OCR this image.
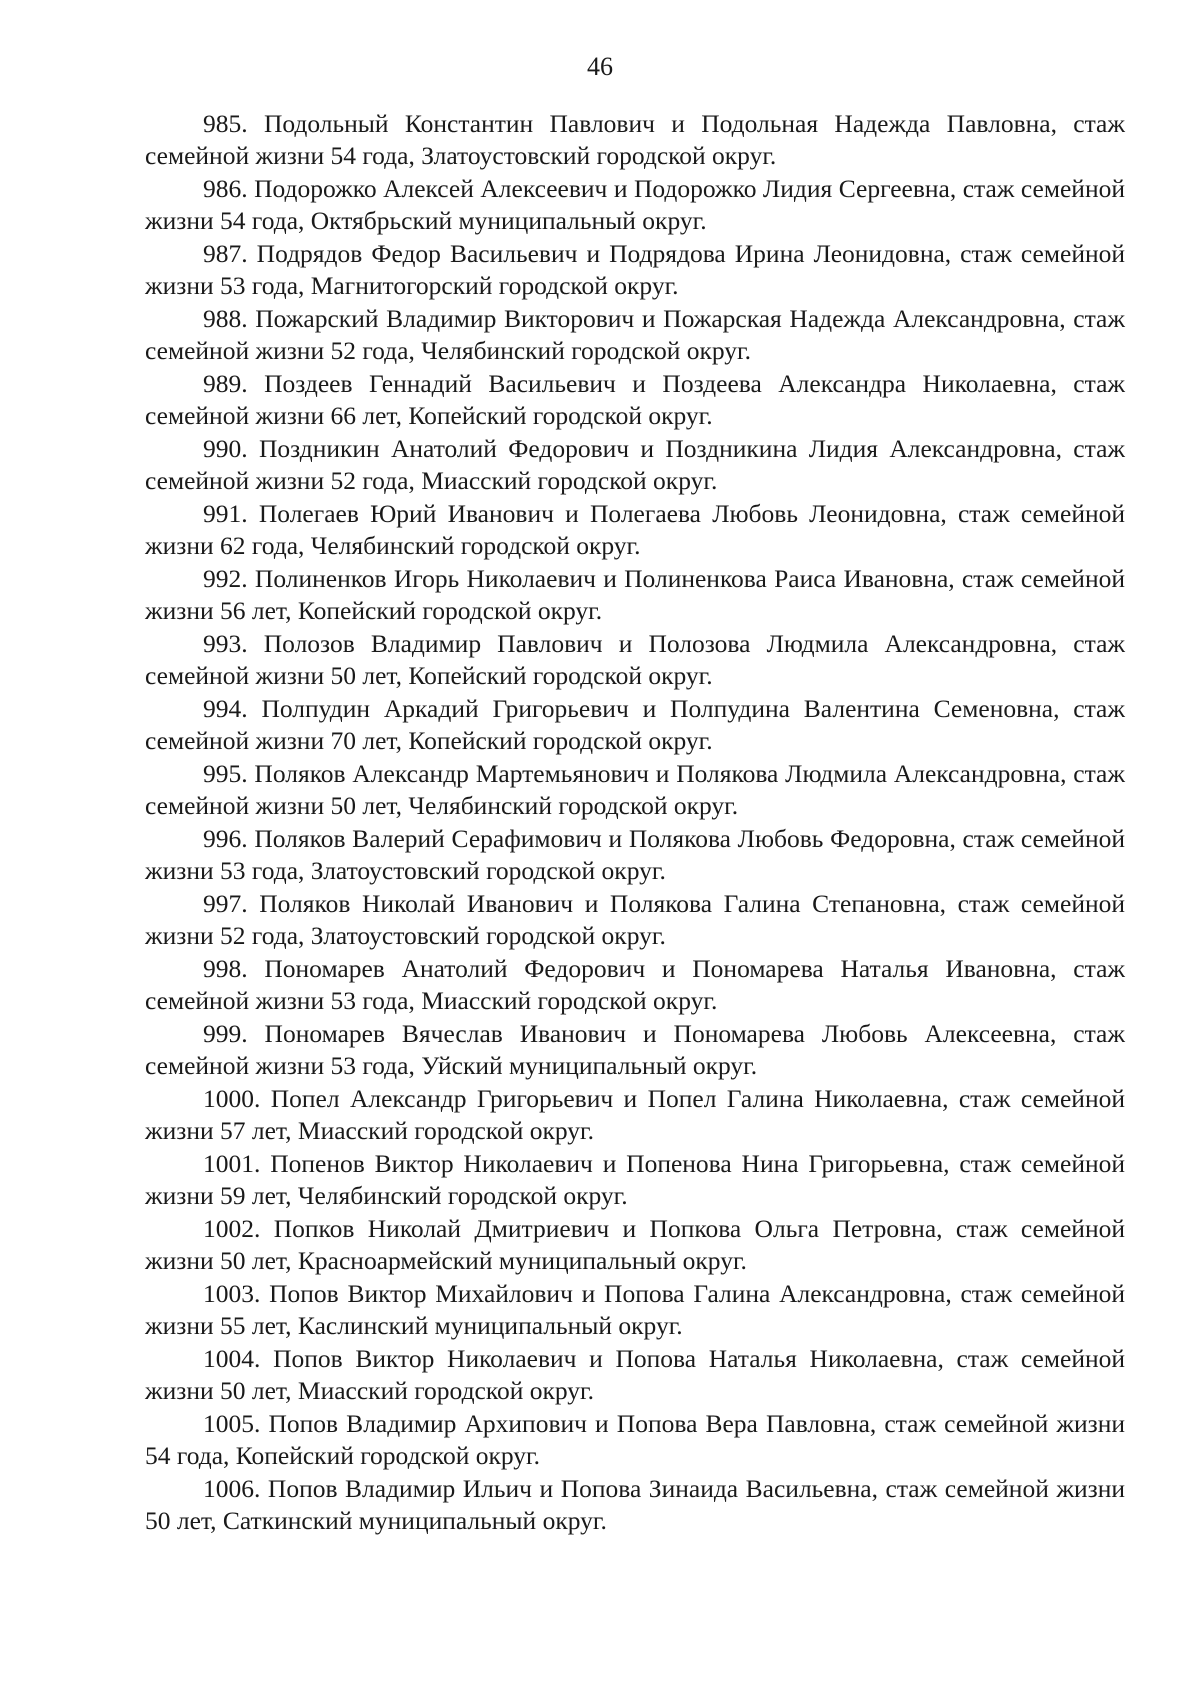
46
985. Подольный Константин Павлович и Подольная Надежда Павловна, стаж семейной жизни 54 года, Златоустовский городской округ.
986. Подорожко Алексей Алексеевич и Подорожко Лидия Сергеевна, стаж семейной жизни 54 года, Октябрьский муниципальный округ.
987. Подрядов Федор Васильевич и Подрядова Ирина Леонидовна, стаж семейной жизни 53 года, Магнитогорский городской округ.
988. Пожарский Владимир Викторович и Пожарская Надежда Александровна, стаж семейной жизни 52 года, Челябинский городской округ.
989. Поздеев Геннадий Васильевич и Поздеева Александра Николаевна, стаж семейной жизни 66 лет, Копейский городской округ.
990. Поздникин Анатолий Федорович и Поздникина Лидия Александровна, стаж семейной жизни 52 года, Миасский городской округ.
991. Полегаев Юрий Иванович и Полегаева Любовь Леонидовна, стаж семейной жизни 62 года, Челябинский городской округ.
992. Полиненков Игорь Николаевич и Полиненкова Раиса Ивановна, стаж семейной жизни 56 лет, Копейский городской округ.
993. Полозов Владимир Павлович и Полозова Людмила Александровна, стаж семейной жизни 50 лет, Копейский городской округ.
994. Полпудин Аркадий Григорьевич и Полпудина Валентина Семеновна, стаж семейной жизни 70 лет, Копейский городской округ.
995. Поляков Александр Мартемьянович и Полякова Людмила Александровна, стаж семейной жизни 50 лет, Челябинский городской округ.
996. Поляков Валерий Серафимович и Полякова Любовь Федоровна, стаж семейной жизни 53 года, Златоустовский городской округ.
997. Поляков Николай Иванович и Полякова Галина Степановна, стаж семейной жизни 52 года, Златоустовский городской округ.
998. Пономарев Анатолий Федорович и Пономарева Наталья Ивановна, стаж семейной жизни 53 года, Миасский городской округ.
999. Пономарев Вячеслав Иванович и Пономарева Любовь Алексеевна, стаж семейной жизни 53 года, Уйский муниципальный округ.
1000. Попел Александр Григорьевич и Попел Галина Николаевна, стаж семейной жизни 57 лет, Миасский городской округ.
1001. Попенов Виктор Николаевич и Попенова Нина Григорьевна, стаж семейной жизни 59 лет, Челябинский городской округ.
1002. Попков Николай Дмитриевич и Попкова Ольга Петровна, стаж семейной жизни 50 лет, Красноармейский муниципальный округ.
1003. Попов Виктор Михайлович и Попова Галина Александровна, стаж семейной жизни 55 лет, Каслинский муниципальный округ.
1004. Попов Виктор Николаевич и Попова Наталья Николаевна, стаж семейной жизни 50 лет, Миасский городской округ.
1005. Попов Владимир Архипович и Попова Вера Павловна, стаж семейной жизни 54 года, Копейский городской округ.
1006. Попов Владимир Ильич и Попова Зинаида Васильевна, стаж семейной жизни 50 лет, Саткинский муниципальный округ.
